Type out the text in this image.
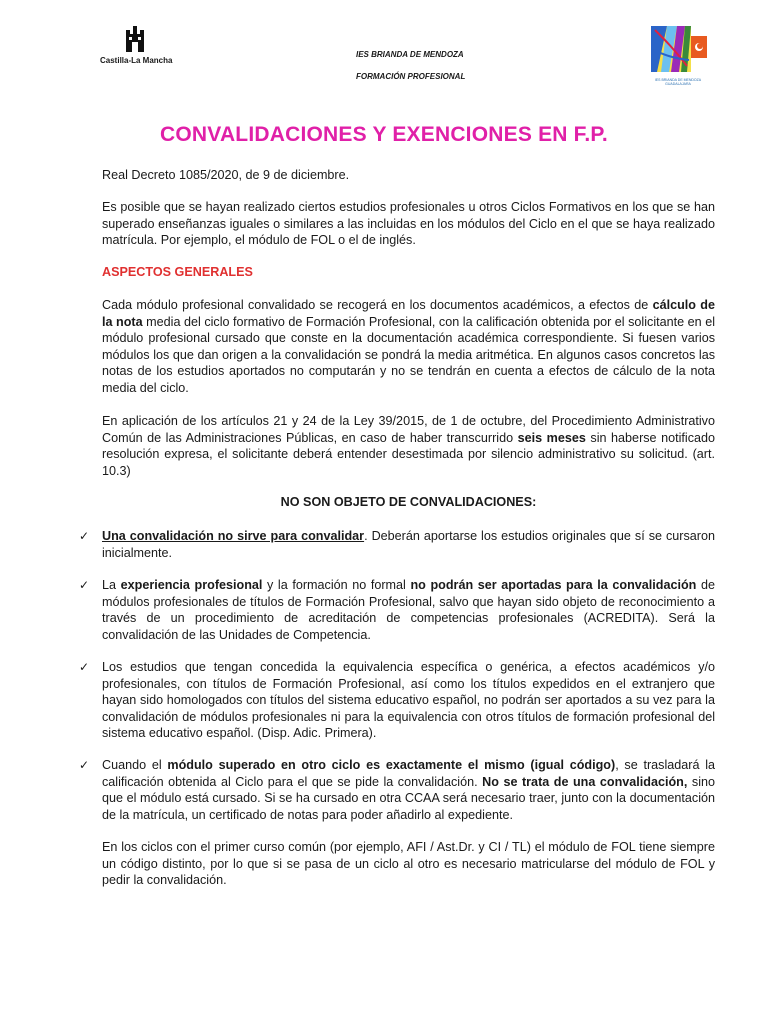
Castilla-La Mancha
IES BRIANDA DE MENDOZA
FORMACIÓN PROFESIONAL	IES BRIANDA DE MENDOZA
GUADALAJARA
CONVALIDACIONES Y EXENCIONES EN F.P.

Real Decreto 1085/2020, de 9 de diciembre.

Es posible que se hayan realizado ciertos estudios profesionales u otros Ciclos Formativos en los que se han superado enseñanzas iguales o similares a las incluidas en los módulos del Ciclo en el que se haya realizado matrícula. Por ejemplo, el módulo de FOL o el de inglés.

ASPECTOS GENERALES

Cada módulo profesional convalidado se recogerá en los documentos académicos, a efectos de cálculo de la nota media del ciclo formativo de Formación Profesional, con la calificación obtenida por el solicitante en el módulo profesional cursado que conste en la documentación académica correspondiente. Si fuesen varios módulos los que dan origen a la convalidación se pondrá la media aritmética. En algunos casos concretos las notas de los estudios aportados no computarán y no se tendrán en cuenta a efectos de cálculo de la nota media del ciclo.

En aplicación de los artículos 21 y 24 de la Ley 39/2015, de 1 de octubre, del Procedimiento Administrativo Común de las Administraciones Públicas, en caso de haber transcurrido seis meses sin haberse notificado resolución expresa, el solicitante deberá entender desestimada por silencio administrativo su solicitud. (art. 10.3)

NO SON OBJETO DE CONVALIDACIONES:
✓ Una convalidación no sirve para convalidar. Deberán aportarse los estudios originales que sí se cursaron inicialmente.

✓ La experiencia profesional y la formación no formal no podrán ser aportadas para la convalidación de módulos profesionales de títulos de Formación Profesional, salvo que hayan sido objeto de reconocimiento a través de un procedimiento de acreditación de competencias profesionales (ACREDITA). Será la convalidación de las Unidades de Competencia.

✓ Los estudios que tengan concedida la equivalencia específica o genérica, a efectos académicos y/o profesionales, con títulos de Formación Profesional, así como los títulos expedidos en el extranjero que hayan sido homologados con títulos del sistema educativo español, no podrán ser aportados a su vez para la convalidación de módulos profesionales ni para la equivalencia con otros títulos de formación profesional del sistema educativo español. (Disp. Adic. Primera).

✓ Cuando el módulo superado en otro ciclo es exactamente el mismo (igual código), se trasladará la calificación obtenida al Ciclo para el que se pide la convalidación. No se trata de una convalidación, sino que el módulo está cursado. Si se ha cursado en otra CCAA será necesario traer, junto con la documentación de la matrícula, un certificado de notas para poder añadirlo al expediente.

En los ciclos con el primer curso común (por ejemplo, AFI / Ast.Dr. y CI / TL) el módulo de FOL tiene siempre un código distinto, por lo que si se pasa de un ciclo al otro es necesario matricularse del módulo de FOL y pedir la convalidación.
